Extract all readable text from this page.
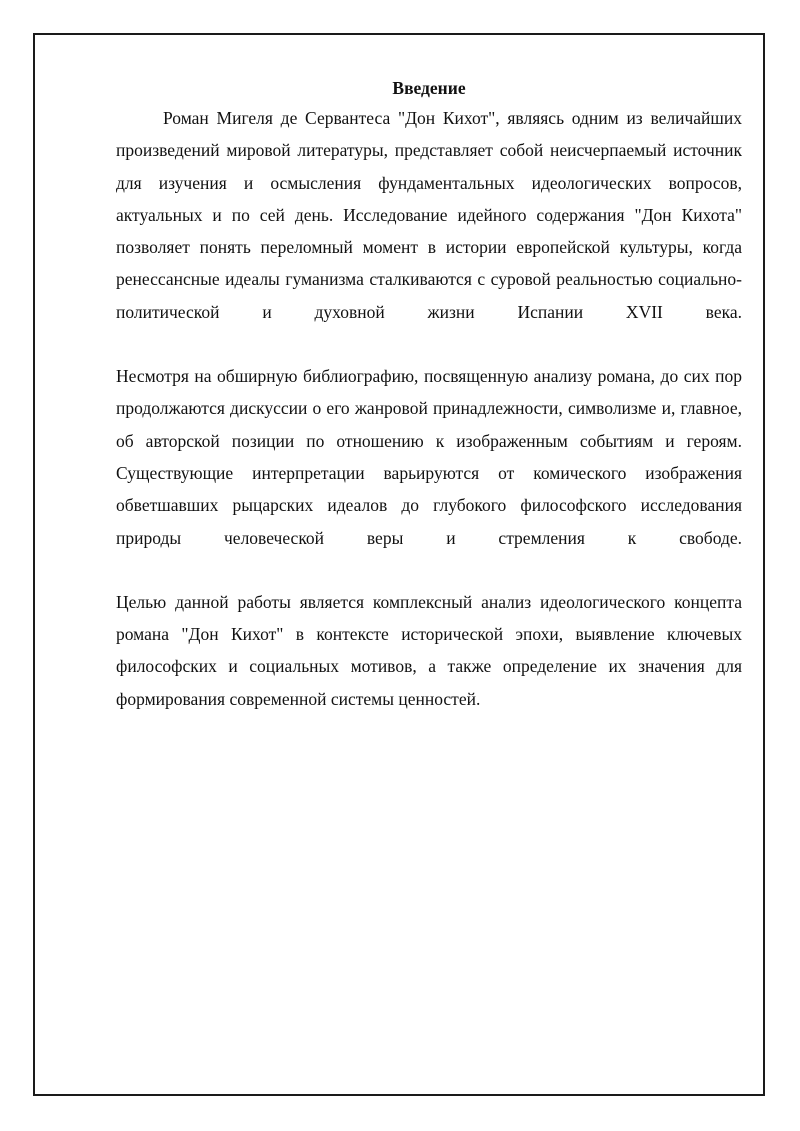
Введение

Роман Мигеля де Сервантеса "Дон Кихот", являясь одним из величайших произведений мировой литературы, представляет собой неисчерпаемый источник для изучения и осмысления фундаментальных идеологических вопросов, актуальных и по сей день. Исследование идейного содержания "Дон Кихота" позволяет понять переломный момент в истории европейской культуры, когда ренессансные идеалы гуманизма сталкиваются с суровой реальностью социально-политической и духовной жизни Испании XVII века.

Несмотря на обширную библиографию, посвященную анализу романа, до сих пор продолжаются дискуссии о его жанровой принадлежности, символизме и, главное, об авторской позиции по отношению к изображенным событиям и героям. Существующие интерпретации варьируются от комического изображения обветшавших рыцарских идеалов до глубокого философского исследования природы человеческой веры и стремления к свободе.

Целью данной работы является комплексный анализ идеологического концепта романа "Дон Кихот" в контексте исторической эпохи, выявление ключевых философских и социальных мотивов, а также определение их значения для формирования современной системы ценностей.
